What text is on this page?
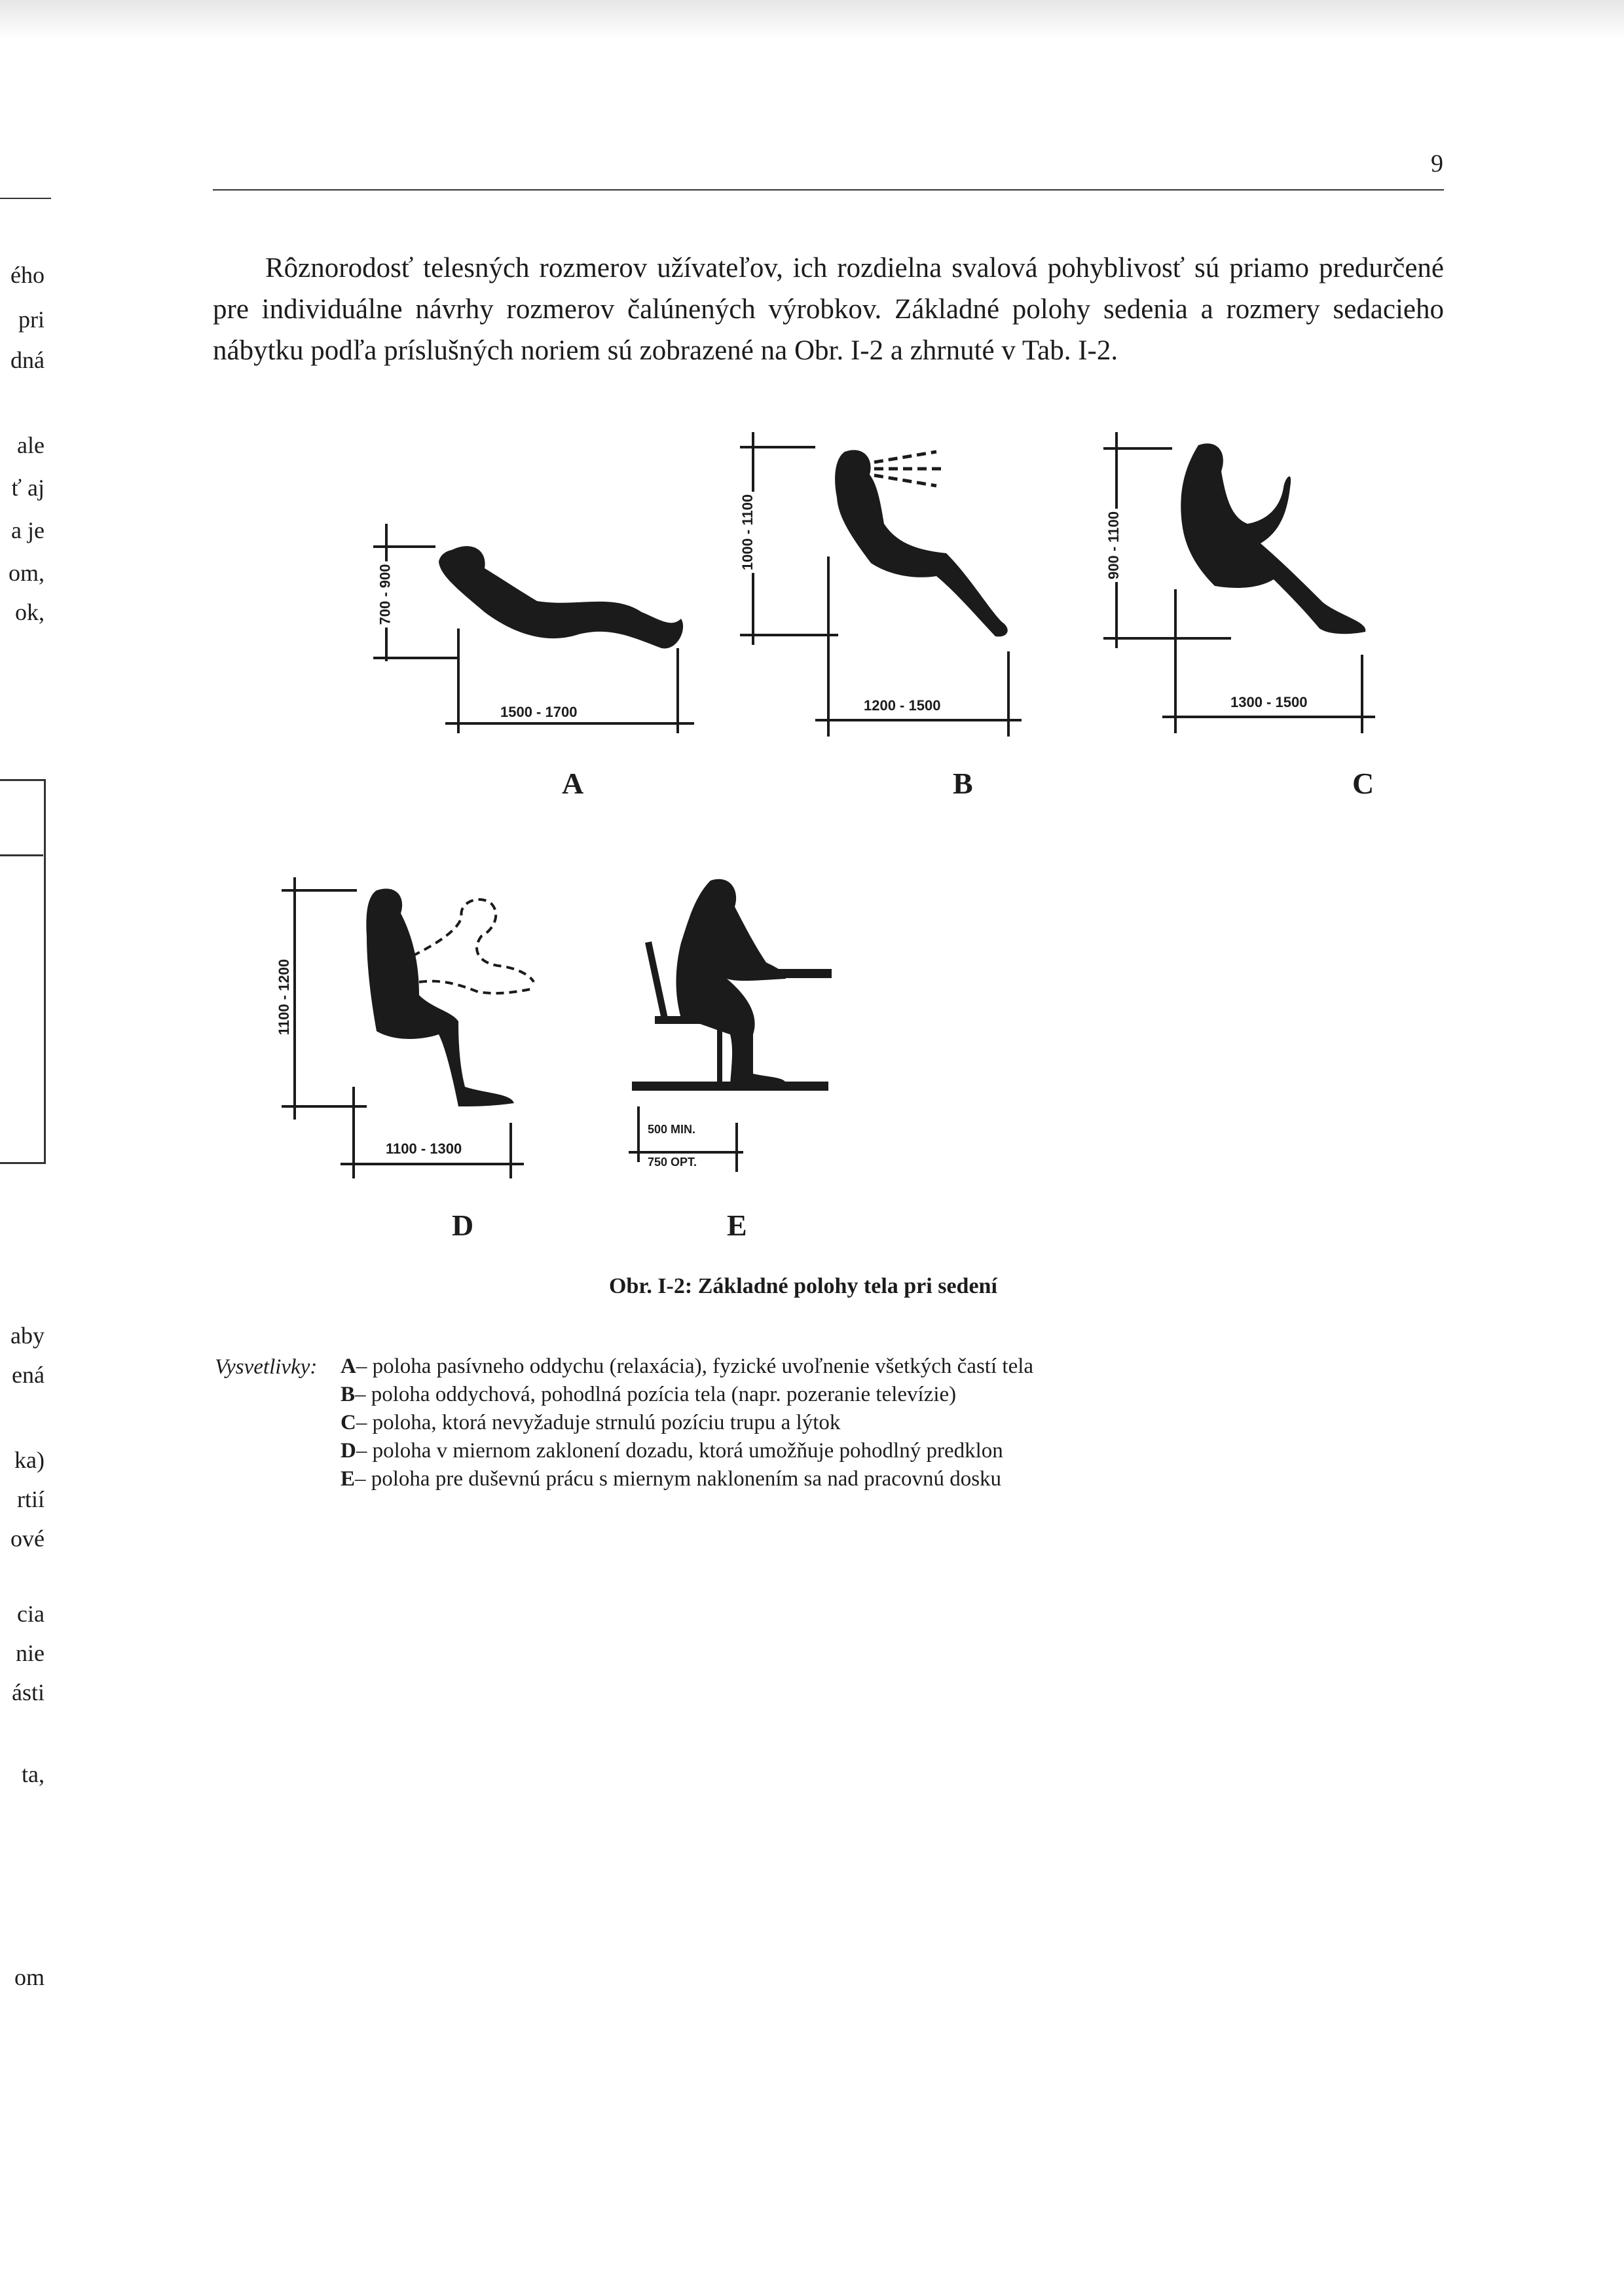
ého
pri
dná
ale
ť aj
a je
om,
ok,
aby
ená
ka)
rtií
ové
cia
nie
ásti
ta,
om
9
Rôznorodosť telesných rozmerov užívateľov, ich rozdielna svalová pohyblivosť sú priamo predurčené pre individuálne návrhy rozmerov čalúnených výrobkov. Základné polohy sedenia a rozmery sedacieho nábytku podľa príslušných noriem sú zobrazené na Obr. I-2 a zhrnuté v Tab. I-2.
700 - 900
1500 - 1700
1000 - 1100
1200 - 1500
900 - 1100
1300 - 1500
1100 - 1200
1100 - 1300
500 MIN.
750 OPT.
A	B	C
D	E
Obr. I-2: Základné polohy tela pri sedení
Vysvetlivky: A– poloha pasívneho oddychu (relaxácia), fyzické uvoľnenie všetkých častí tela
B– poloha oddychová, pohodlná pozícia tela (napr. pozeranie televízie)
C– poloha, ktorá nevyžaduje strnulú pozíciu trupu a lýtok
D– poloha v miernom zaklonení dozadu, ktorá umožňuje pohodlný predklon
E– poloha pre duševnú prácu s miernym naklonením sa nad pracovnú dosku
